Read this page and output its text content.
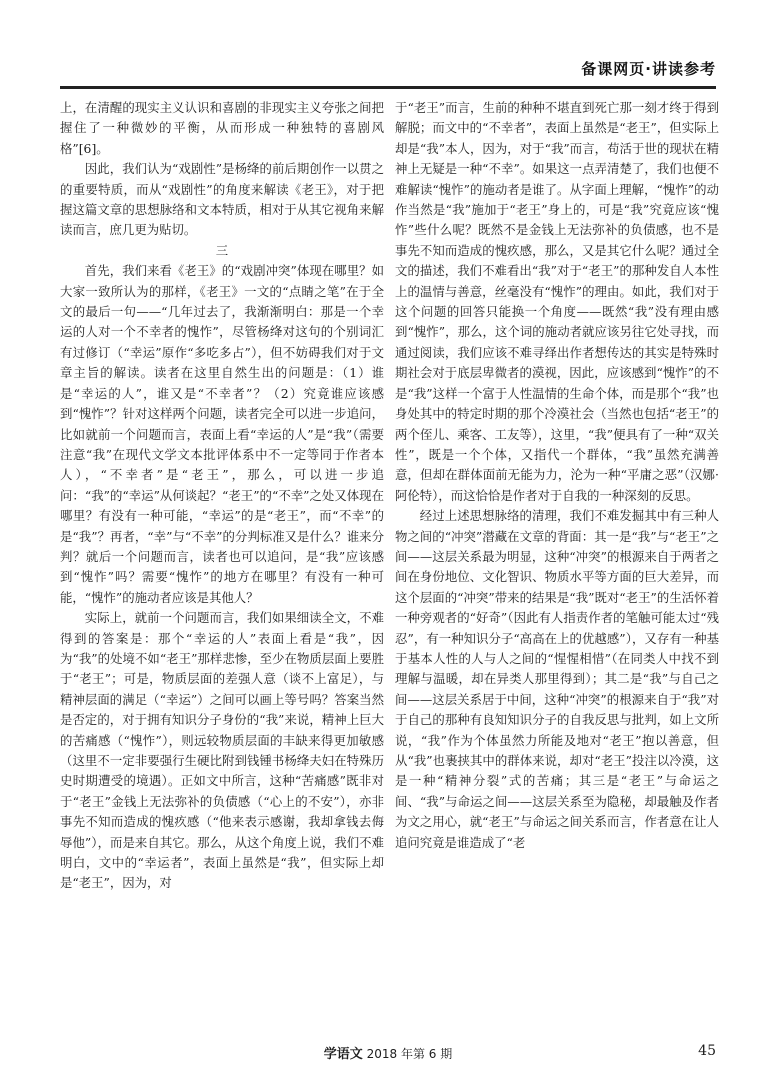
备课网页·讲读参考

上，在清醒的现实主义认识和喜剧的非现实主义夸张之间把握住了一种微妙的平衡，从而形成一种独特的喜剧风格”[6]。

因此，我们认为“戏剧性”是杨绛的前后期创作一以贯之的重要特质，而从“戏剧性”的角度来解读《老王》，对于把握这篇文章的思想脉络和文本特质，相对于从其它视角来解读而言，庶几更为贴切。

三

首先，我们来看《老王》的“戏剧冲突”体现在哪里？如大家一致所认为的那样，《老王》一文的“点睛之笔”在于全文的最后一句——“几年过去了，我渐渐明白：那是一个幸运的人对一个不幸者的愧怍”，尽管杨绛对这句的个别词汇有过修订（“幸运”原作“多吃多占”），但不妨碍我们对于文章主旨的解读。读者在这里自然生出的问题是：（1）谁是“幸运的人”，谁又是“不幸者”？（2）究竟谁应该感到“愧怍”？针对这样两个问题，读者完全可以进一步追问，比如就前一个问题而言，表面上看“幸运的人”是“我”（需要注意“我”在现代文学文本批评体系中不一定等同于作者本人），“不幸者”是“老王”，那么，可以进一步追问：“我”的“幸运”从何谈起？“老王”的“不幸”之处又体现在哪里？有没有一种可能，“幸运”的是“老王”，而“不幸”的是“我”？再者，“幸”与“不幸”的分判标准又是什么？谁来分判？就后一个问题而言，读者也可以追问，是“我”应该感到“愧怍”吗？需要“愧怍”的地方在哪里？有没有一种可能，“愧怍”的施动者应该是其他人？

实际上，就前一个问题而言，我们如果细读全文，不难得到的答案是：那个“幸运的人”表面上看是“我”，因为“我”的处境不如“老王”那样悲惨，至少在物质层面上要胜于“老王”；可是，物质层面的差强人意（谈不上富足），与精神层面的满足（“幸运”）之间可以画上等号吗？答案当然是否定的，对于拥有知识分子身份的“我”来说，精神上巨大的苦痛感（“愧怍”），则远较物质层面的丰缺来得更加敏感（这里不一定非要强行生硬比附到钱锺书杨绛夫妇在特殊历史时期遭受的境遇）。正如文中所言，这种“苦痛感”既非对于“老王”金钱上无法弥补的负债感（“心上的不安”），亦非事先不知而造成的愧疚感（“他来表示感谢，我却拿钱去侮辱他”），而是来自其它。那么，从这个角度上说，我们不难明白，文中的“幸运者”，表面上虽然是“我”，但实际上却是“老王”，因为，对

于“老王”而言，生前的种种不堪直到死亡那一刻才终于得到解脱；而文中的“不幸者”，表面上虽然是“老王”，但实际上却是“我”本人，因为，对于“我”而言，苟活于世的现状在精神上无疑是一种“不幸”。如果这一点弄清楚了，我们也便不难解读“愧怍”的施动者是谁了。从字面上理解，“愧怍”的动作当然是“我”施加于“老王”身上的，可是“我”究竟应该“愧怍”些什么呢？既然不是金钱上无法弥补的负债感，也不是事先不知而造成的愧疚感，那么，又是其它什么呢？通过全文的描述，我们不难看出“我”对于“老王”的那种发自人本性上的温情与善意，丝毫没有“愧怍”的理由。如此，我们对于这个问题的回答只能换一个角度——既然“我”没有理由感到“愧怍”，那么，这个词的施动者就应该另往它处寻找，而通过阅读，我们应该不难寻绎出作者想传达的其实是特殊时期社会对于底层卑微者的漠视，因此，应该感到“愧怍”的不是“我”这样一个富于人性温情的生命个体，而是那个“我”也身处其中的特定时期的那个冷漠社会（当然也包括“老王”的两个侄儿、乘客、工友等），这里，“我”便具有了一种“双关性”，既是一个个体，又指代一个群体，“我”虽然充满善意，但却在群体面前无能为力，沦为一种“平庸之恶”（汉娜·阿伦特），而这恰恰是作者对于自我的一种深刻的反思。

经过上述思想脉络的清理，我们不难发掘其中有三种人物之间的“冲突”潜藏在文章的背面：其一是“我”与“老王”之间——这层关系最为明显，这种“冲突”的根源来自于两者之间在身份地位、文化智识、物质水平等方面的巨大差异，而这个层面的“冲突”带来的结果是“我”既对“老王”的生活怀着一种旁观者的“好奇”（因此有人指责作者的笔触可能太过“残忍”，有一种知识分子“高高在上的优越感”），又存有一种基于基本人性的人与人之间的“惺惺相惜”（在同类人中找不到理解与温暖，却在异类人那里得到）；其二是“我”与自己之间——这层关系居于中间，这种“冲突”的根源来自于“我”对于自己的那种有良知知识分子的自我反思与批判，如上文所说，“我”作为个体虽然力所能及地对“老王”抱以善意，但从“我”也裹挟其中的群体来说，却对“老王”投注以冷漠，这是一种“精神分裂”式的苦痛；其三是“老王”与命运之间、“我”与命运之间——这层关系至为隐秘，却最触及作者为文之用心，就“老王”与命运之间关系而言，作者意在让人追问究竟是谁造成了“老

学语文 2018 年第 6 期	45
